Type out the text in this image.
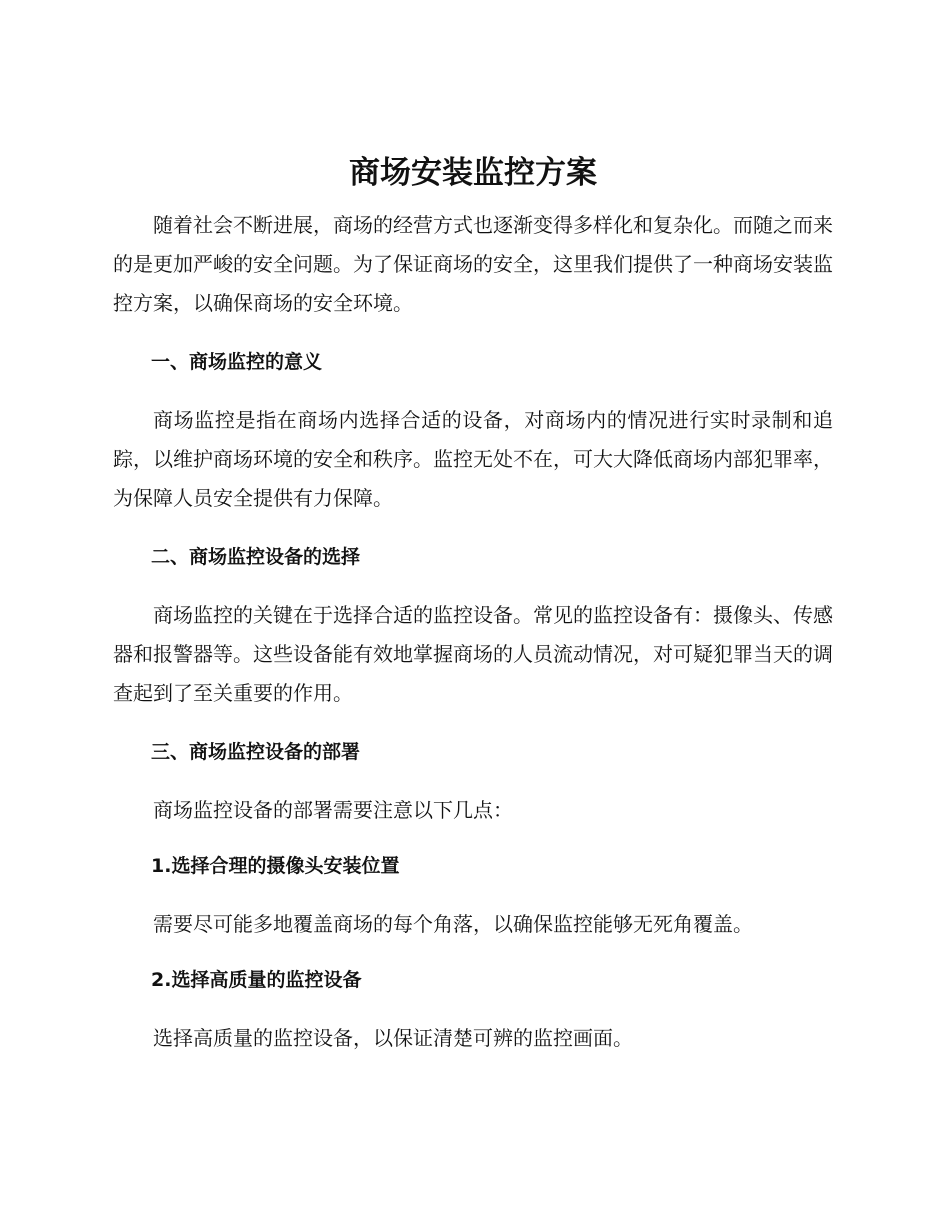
商场安装监控方案

随着社会不断进展，商场的经营方式也逐渐变得多样化和复杂化。而随之而来的是更加严峻的安全问题。为了保证商场的安全，这里我们提供了一种商场安装监控方案，以确保商场的安全环境。

一、商场监控的意义

商场监控是指在商场内选择合适的设备，对商场内的情况进行实时录制和追踪，以维护商场环境的安全和秩序。监控无处不在，可大大降低商场内部犯罪率，为保障人员安全提供有力保障。

二、商场监控设备的选择

商场监控的关键在于选择合适的监控设备。常见的监控设备有：摄像头、传感器和报警器等。这些设备能有效地掌握商场的人员流动情况，对可疑犯罪当天的调查起到了至关重要的作用。

三、商场监控设备的部署

商场监控设备的部署需要注意以下几点：

1.选择合理的摄像头安装位置

需要尽可能多地覆盖商场的每个角落，以确保监控能够无死角覆盖。

2.选择高质量的监控设备

选择高质量的监控设备，以保证清楚可辨的监控画面。
